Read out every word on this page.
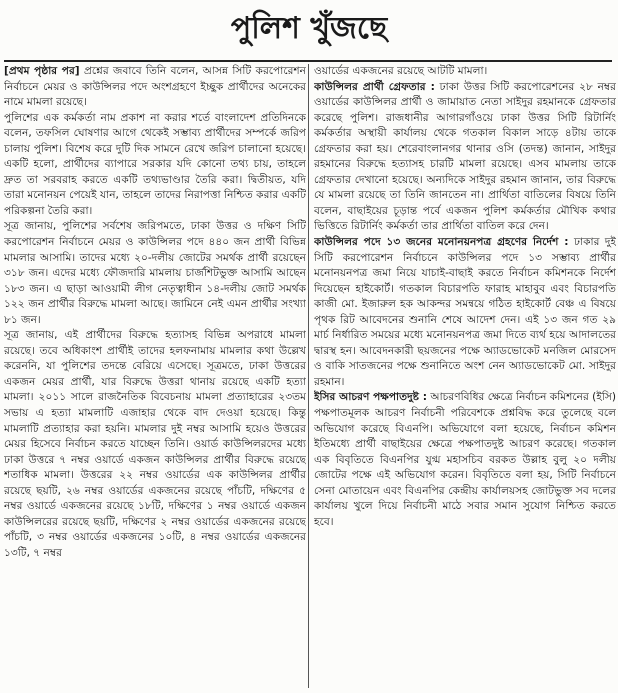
পুলিশ খুঁজছে

[প্রথম পৃষ্ঠার পর] প্রশ্নের জবাবে তিনি বলেন, আসন্ন সিটি করপোরেশন নির্বাচনে মেয়র ও কাউন্সিলর পদে অংশগ্রহণে ইচ্ছুক প্রার্থীদের অনেকের নামে মামলা রয়েছে।

পুলিশের এক কর্মকর্তা নাম প্রকাশ না করার শর্তে বাংলাদেশ প্রতিদিনকে বলেন, তফসিল ঘোষণার আগে থেকেই সম্ভাব্য প্রার্থীদের সম্পর্কে জরিপ চালায় পুলিশ। বিশেষ করে দুটি দিক সামনে রেখে জরিপ চালানো হয়েছে। একটি হলো, প্রার্থীদের ব্যাপারে সরকার যদি কোনো তথ্য চায়, তাহলে দ্রুত তা সরবরাহ করতে একটি তথ্যভাণ্ডার তৈরি করা। দ্বিতীয়ত, যদি তারা মনোনয়ন পেয়েই যান, তাহলে তাদের নিরাপত্তা নিশ্চিত করার একটি পরিকল্পনা তৈরি করা।

সূত্র জানায়, পুলিশের সর্বশেষ জরিপমতে, ঢাকা উত্তর ও দক্ষিণ সিটি করপোরেশন নির্বাচনে মেয়র ও কাউন্সিলর পদে ৪৪০ জন প্রার্থী বিভিন্ন মামলার আসামি। তাদের মধ্যে ২০-দলীয় জোটের সমর্থক প্রার্থী রয়েছেন ৩১৮ জন। এদের মধ্যে ফৌজদারি মামলায় চার্জশিটভুক্ত আসামি আছেন ১৮৩ জন। এ ছাড়া আওয়ামী লীগ নেতৃত্বাধীন ১৪-দলীয় জোট সমর্থক ১২২ জন প্রার্থীর বিরুদ্ধে মামলা আছে। জামিনে নেই এমন প্রার্থীর সংখ্যা ৮১ জন।

সূত্র জানায়, এই প্রার্থীদের বিরুদ্ধে হত্যাসহ বিভিন্ন অপরাধে মামলা রয়েছে। তবে অধিকাংশ প্রার্থীই তাদের হলফনামায় মামলার কথা উল্লেখ করেননি, যা পুলিশের তদন্তে বেরিয়ে এসেছে। সূত্রমতে, ঢাকা উত্তরের একজন মেয়র প্রার্থী, যার বিরুদ্ধে উত্তরা থানায় রয়েছে একটি হত্যা মামলা। ২০১১ সালে রাজনৈতিক বিবেচনায় মামলা প্রত্যাহারের ২৩তম সভায় এ হত্যা মামলাটি এজাহার থেকে বাদ দেওয়া হয়েছে। কিন্তু মামলাটি প্রত্যাহার করা হয়নি। মামলার দুই নম্বর আসামি হয়েও উত্তরের মেয়র হিসেবে নির্বাচন করতে যাচ্ছেন তিনি। ওয়ার্ড কাউন্সিলরদের মধ্যে ঢাকা উত্তরে ৭ নম্বর ওয়ার্ডে একজন কাউন্সিলর প্রার্থীর বিরুদ্ধে রয়েছে শতাধিক মামলা। উত্তরের ২২ নম্বর ওয়ার্ডের এক কাউন্সিলর প্রার্থীর রয়েছে ছয়টি, ২৬ নম্বর ওয়ার্ডের একজনের রয়েছে পাঁচটি, দক্ষিণের ৫ নম্বর ওয়ার্ডে একজনের রয়েছে ১৮টি, দক্ষিণের ১ নম্বর ওয়ার্ডে একজন কাউন্সিলরের রয়েছে ছয়টি, দক্ষিণের ২ নম্বর ওয়ার্ডের একজনের রয়েছে পাঁচটি, ৩ নম্বর ওয়ার্ডের একজনের ১০টি, ৪ নম্বর ওয়ার্ডের একজনের ১৩টি, ৭ নম্বর

ওয়ার্ডের একজনের রয়েছে আটটি মামলা।

কাউন্সিলর প্রার্থী গ্রেফতার : ঢাকা উত্তর সিটি করপোরেশনের ২৮ নম্বর ওয়ার্ডের কাউন্সিলর প্রার্থী ও জামায়াত নেতা সাইদুর রহমানকে গ্রেফতার করেছে পুলিশ। রাজধানীর আগারগাঁওয়ে ঢাকা উত্তর সিটি রিটার্নিং কর্মকর্তার অস্থায়ী কার্যালয় থেকে গতকাল বিকাল সাড়ে ৪টায় তাকে গ্রেফতার করা হয়। শেরেবাংলানগর থানার ওসি (তদন্ত) জানান, সাইদুর রহমানের বিরুদ্ধে হত্যাসহ চারটি মামলা রয়েছে। এসব মামলায় তাকে গ্রেফতার দেখানো হয়েছে। অন্যদিকে সাইদুর রহমান জানান, তার বিরুদ্ধে যে মামলা রয়েছে তা তিনি জানতেন না। প্রার্থিতা বাতিলের বিষয়ে তিনি বলেন, বাছাইয়ের চূড়ান্ত পর্বে একজন পুলিশ কর্মকর্তার মৌখিক কথার ভিত্তিতে রিটার্নিং কর্মকর্তা তার প্রার্থিতা বাতিল করে দেন।

কাউন্সিলর পদে ১৩ জনের মনোনয়নপত্র গ্রহণের নির্দেশ : ঢাকার দুই সিটি করপোরেশন নির্বাচনে কাউন্সিলর পদে ১৩ সম্ভাব্য প্রার্থীর মনোনয়নপত্র জমা নিয়ে যাচাই-বাছাই করতে নির্বাচন কমিশনকে নির্দেশ দিয়েছেন হাইকোর্ট। গতকাল বিচারপতি ফারাহ মাহাবুব এবং বিচারপতি কাজী মো. ইজারুল হক আকন্দর সমন্বয়ে গঠিত হাইকোর্ট বেঞ্চ এ বিষয়ে পৃথক রিট আবেদনের শুনানি শেষে আদেশ দেন। এই ১৩ জন গত ২৯ মার্চ নির্ধারিত সময়ের মধ্যে মনোনয়নপত্র জমা দিতে ব্যর্থ হয়ে আদালতের দ্বারস্থ হন। আবেদনকারী ছয়জনের পক্ষে অ্যাডভোকেট মনজিল মোরসেদ ও বাকি সাতজনের পক্ষে শুনানিতে অংশ নেন অ্যাডভোকেট মো. সাইদুর রহমান।

ইসির আচরণ পক্ষপাতদুষ্ট : আচরণবিধির ক্ষেত্রে নির্বাচন কমিশনের (ইসি) পক্ষপাতমূলক আচরণ নির্বাচনী পরিবেশকে প্রশ্নবিদ্ধ করে তুলেছে বলে অভিযোগ করেছে বিএনপি। অভিযোগে বলা হয়েছে, নির্বাচন কমিশন ইতিমধ্যে প্রার্থী বাছাইয়ের ক্ষেত্রে পক্ষপাতদুষ্ট আচরণ করেছে। গতকাল এক বিবৃতিতে বিএনপির যুগ্ম মহাসচিব বরকত উল্লাহ বুলু ২০ দলীয় জোটের পক্ষে এই অভিযোগ করেন। বিবৃতিতে বলা হয়, সিটি নির্বাচনে সেনা মোতায়েন এবং বিএনপির কেন্দ্রীয় কার্যালয়সহ জোটভুক্ত সব দলের কার্যালয় খুলে দিয়ে নির্বাচনী মাঠে সবার সমান সুযোগ নিশ্চিত করতে হবে।
